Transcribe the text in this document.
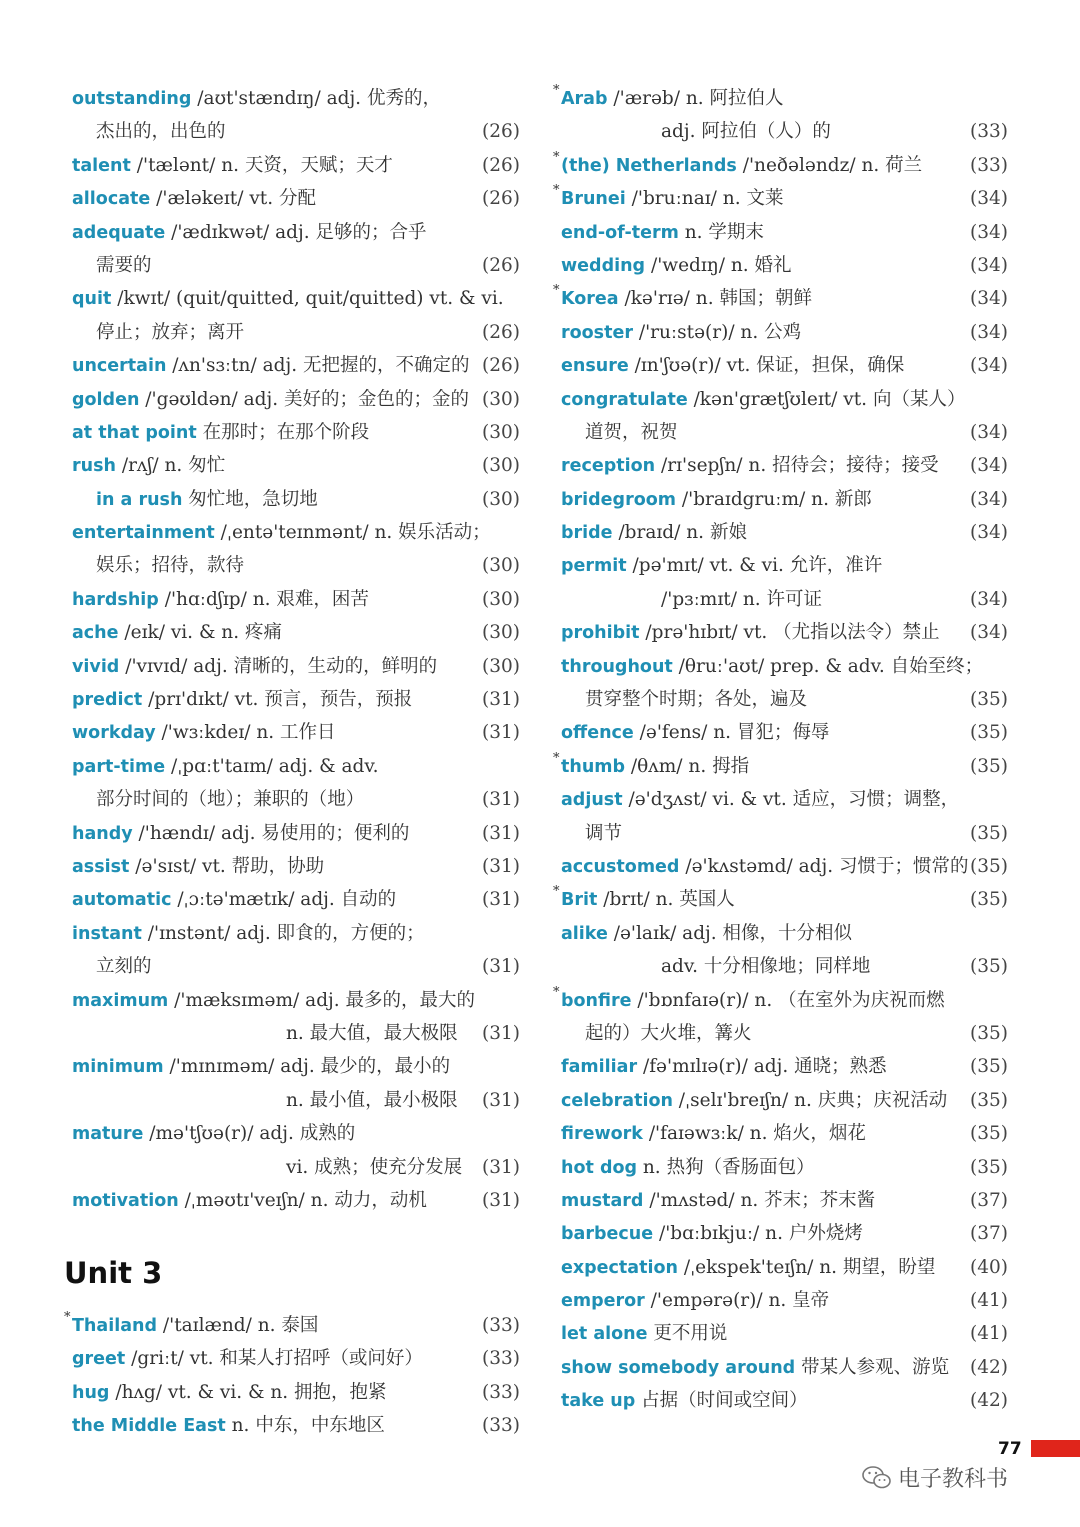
outstanding /aʊt'stændɪŋ/ adj. 优秀的，
杰出的，出色的	(26)
talent /'tælənt/ n. 天资，天赋；天才	(26)
allocate /'æləkeɪt/ vt. 分配	(26)
adequate /'ædɪkwət/ adj. 足够的；合乎
需要的	(26)
quit /kwɪt/ (quit/quitted, quit/quitted) vt. & vi.
停止；放弃；离开	(26)
uncertain /ʌn'sɜːtn/ adj. 无把握的，不确定的 (26)
golden /'gəʊldən/ adj. 美好的；金色的；金的 (30)
at that point 在那时；在那个阶段	(30)
rush /rʌʃ/ n. 匆忙	(30)
in a rush 匆忙地，急切地	(30)
entertainment /ˌentə'teɪnmənt/ n. 娱乐活动；
娱乐；招待，款待	(30)
hardship /'hɑːdʃɪp/ n. 艰难，困苦	(30)
ache /eɪk/ vi. & n. 疼痛	(30)
vivid /'vɪvɪd/ adj. 清晰的，生动的，鲜明的 (30)
predict /prɪ'dɪkt/ vt. 预言，预告，预报	(31)
workday /'wɜːkdeɪ/ n. 工作日	(31)
part-time /ˌpɑːt'taɪm/ adj. & adv.
部分时间的（地）；兼职的（地）	(31)
handy /'hændɪ/ adj. 易使用的；便利的	(31)
assist /ə'sɪst/ vt. 帮助，协助	(31)
automatic /ˌɔːtə'mætɪk/ adj. 自动的	(31)
instant /'ɪnstənt/ adj. 即食的，方便的；
立刻的	(31)
maximum /'mæksɪməm/ adj. 最多的，最大的
n. 最大值，最大极限 (31)
minimum /'mɪnɪməm/ adj. 最少的，最小的
n. 最小值，最小极限 (31)
mature /mə'tʃʊə(r)/ adj. 成熟的
vi. 成熟；使充分发展 (31)
motivation /ˌməʊtɪ'veɪʃn/ n. 动力，动机	(31)
Unit 3
* Thailand /'taɪlænd/ n. 泰国	(33)
greet /griːt/ vt. 和某人打招呼（或问好）	(33)
hug /hʌg/ vt. & vi. & n. 拥抱，抱紧	(33)
the Middle East n. 中东，中东地区	(33)
* Arab /'ærəb/ n. 阿拉伯人
adj. 阿拉伯（人）的	(33)
* (the) Netherlands /'neðələndz/ n. 荷兰	(33)
* Brunei /'bruːnaɪ/ n. 文莱	(34)
end-of-term n. 学期末	(34)
wedding /'wedɪŋ/ n. 婚礼	(34)
* Korea /kə'rɪə/ n. 韩国；朝鲜	(34)
rooster /'ruːstə(r)/ n. 公鸡	(34)
ensure /ɪn'ʃʊə(r)/ vt. 保证，担保，确保	(34)
congratulate /kən'grætʃʊleɪt/ vt. 向（某人）
道贺，祝贺	(34)
reception /rɪ'sepʃn/ n. 招待会；接待；接受 (34)
bridegroom /'braɪdgruːm/ n. 新郎	(34)
bride /braɪd/ n. 新娘	(34)
permit /pə'mɪt/ vt. & vi. 允许，准许
/'pɜːmɪt/ n. 许可证	(34)
prohibit /prə'hɪbɪt/ vt. （尤指以法令）禁止 (34)
throughout /θruː'aʊt/ prep. & adv. 自始至终；
贯穿整个时期；各处，遍及	(35)
offence /ə'fens/ n. 冒犯；侮辱	(35)
* thumb /θʌm/ n. 拇指	(35)
adjust /ə'dʒʌst/ vi. & vt. 适应，习惯；调整，
调节	(35)
accustomed /ə'kʌstəmd/ adj. 习惯于；惯常的 (35)
* Brit /brɪt/ n. 英国人	(35)
alike /ə'laɪk/ adj. 相像，十分相似
adv. 十分相像地；同样地	(35)
* bonfire /'bɒnfaɪə(r)/ n. （在室外为庆祝而燃
起的）大火堆，篝火	(35)
familiar /fə'mɪlɪə(r)/ adj. 通晓；熟悉	(35)
celebration /ˌselɪ'breɪʃn/ n. 庆典；庆祝活动 (35)
firework /'faɪəwɜːk/ n. 焰火，烟花	(35)
hot dog n. 热狗（香肠面包）	(35)
mustard /'mʌstəd/ n. 芥末；芥末酱	(37)
barbecue /'bɑːbɪkjuː/ n. 户外烧烤	(37)
expectation /ˌekspek'teɪʃn/ n. 期望，盼望 (40)
emperor /'empərə(r)/ n. 皇帝	(41)
let alone 更不用说	(41)
show somebody around 带某人参观、游览 (42)
take up 占据（时间或空间）	(42)
77
电子教科书
